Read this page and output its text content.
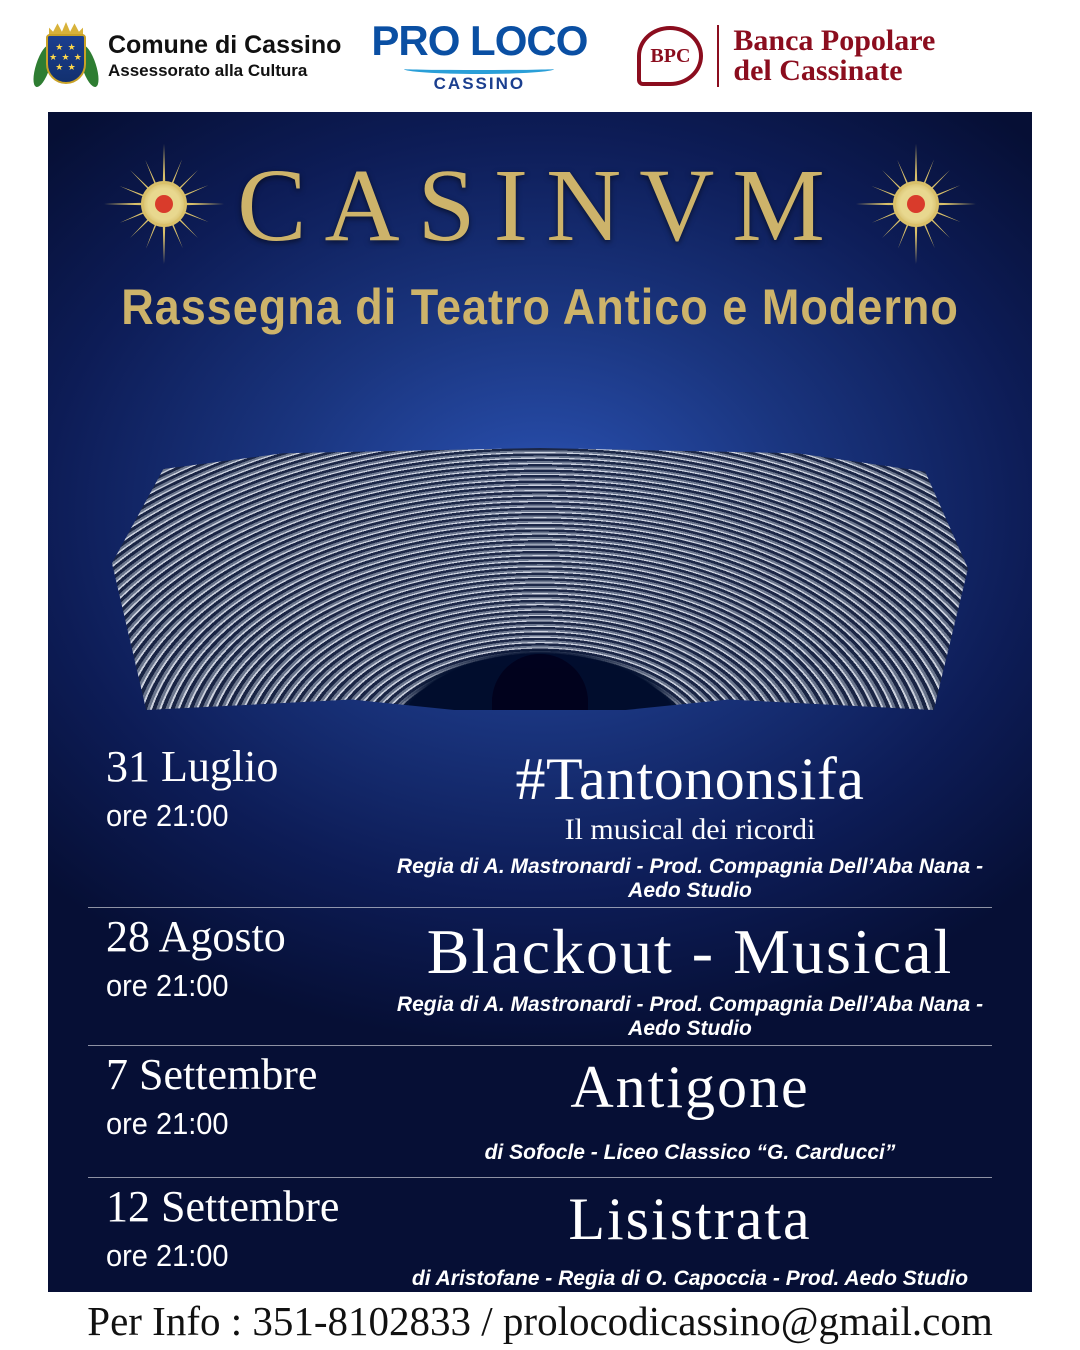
★ ★
★ ★ ★
★ ★
Comune di Cassino
Assessorato alla Cultura
PRO LOCO
CASSINO
BPC	Banca Popolare
del Cassinate
CASINVM
Rassegna di Teatro Antico e Moderno
31 Luglio
ore 21:00
#Tantononsifa
Il musical dei ricordi
Regia di A. Mastronardi - Prod. Compagnia Dell’Aba Nana - Aedo Studio
28 Agosto
ore 21:00	Blackout - Musical
Regia di A. Mastronardi - Prod. Compagnia Dell’Aba Nana - Aedo Studio
7 Settembre
ore 21:00
Antigone
di Sofocle - Liceo Classico “G. Carducci”
12 Settembre
ore 21:00
Lisistrata
di Aristofane - Regia di O. Capoccia - Prod. Aedo Studio
Per Info : 351-8102833 / prolocodicassino@gmail.com
